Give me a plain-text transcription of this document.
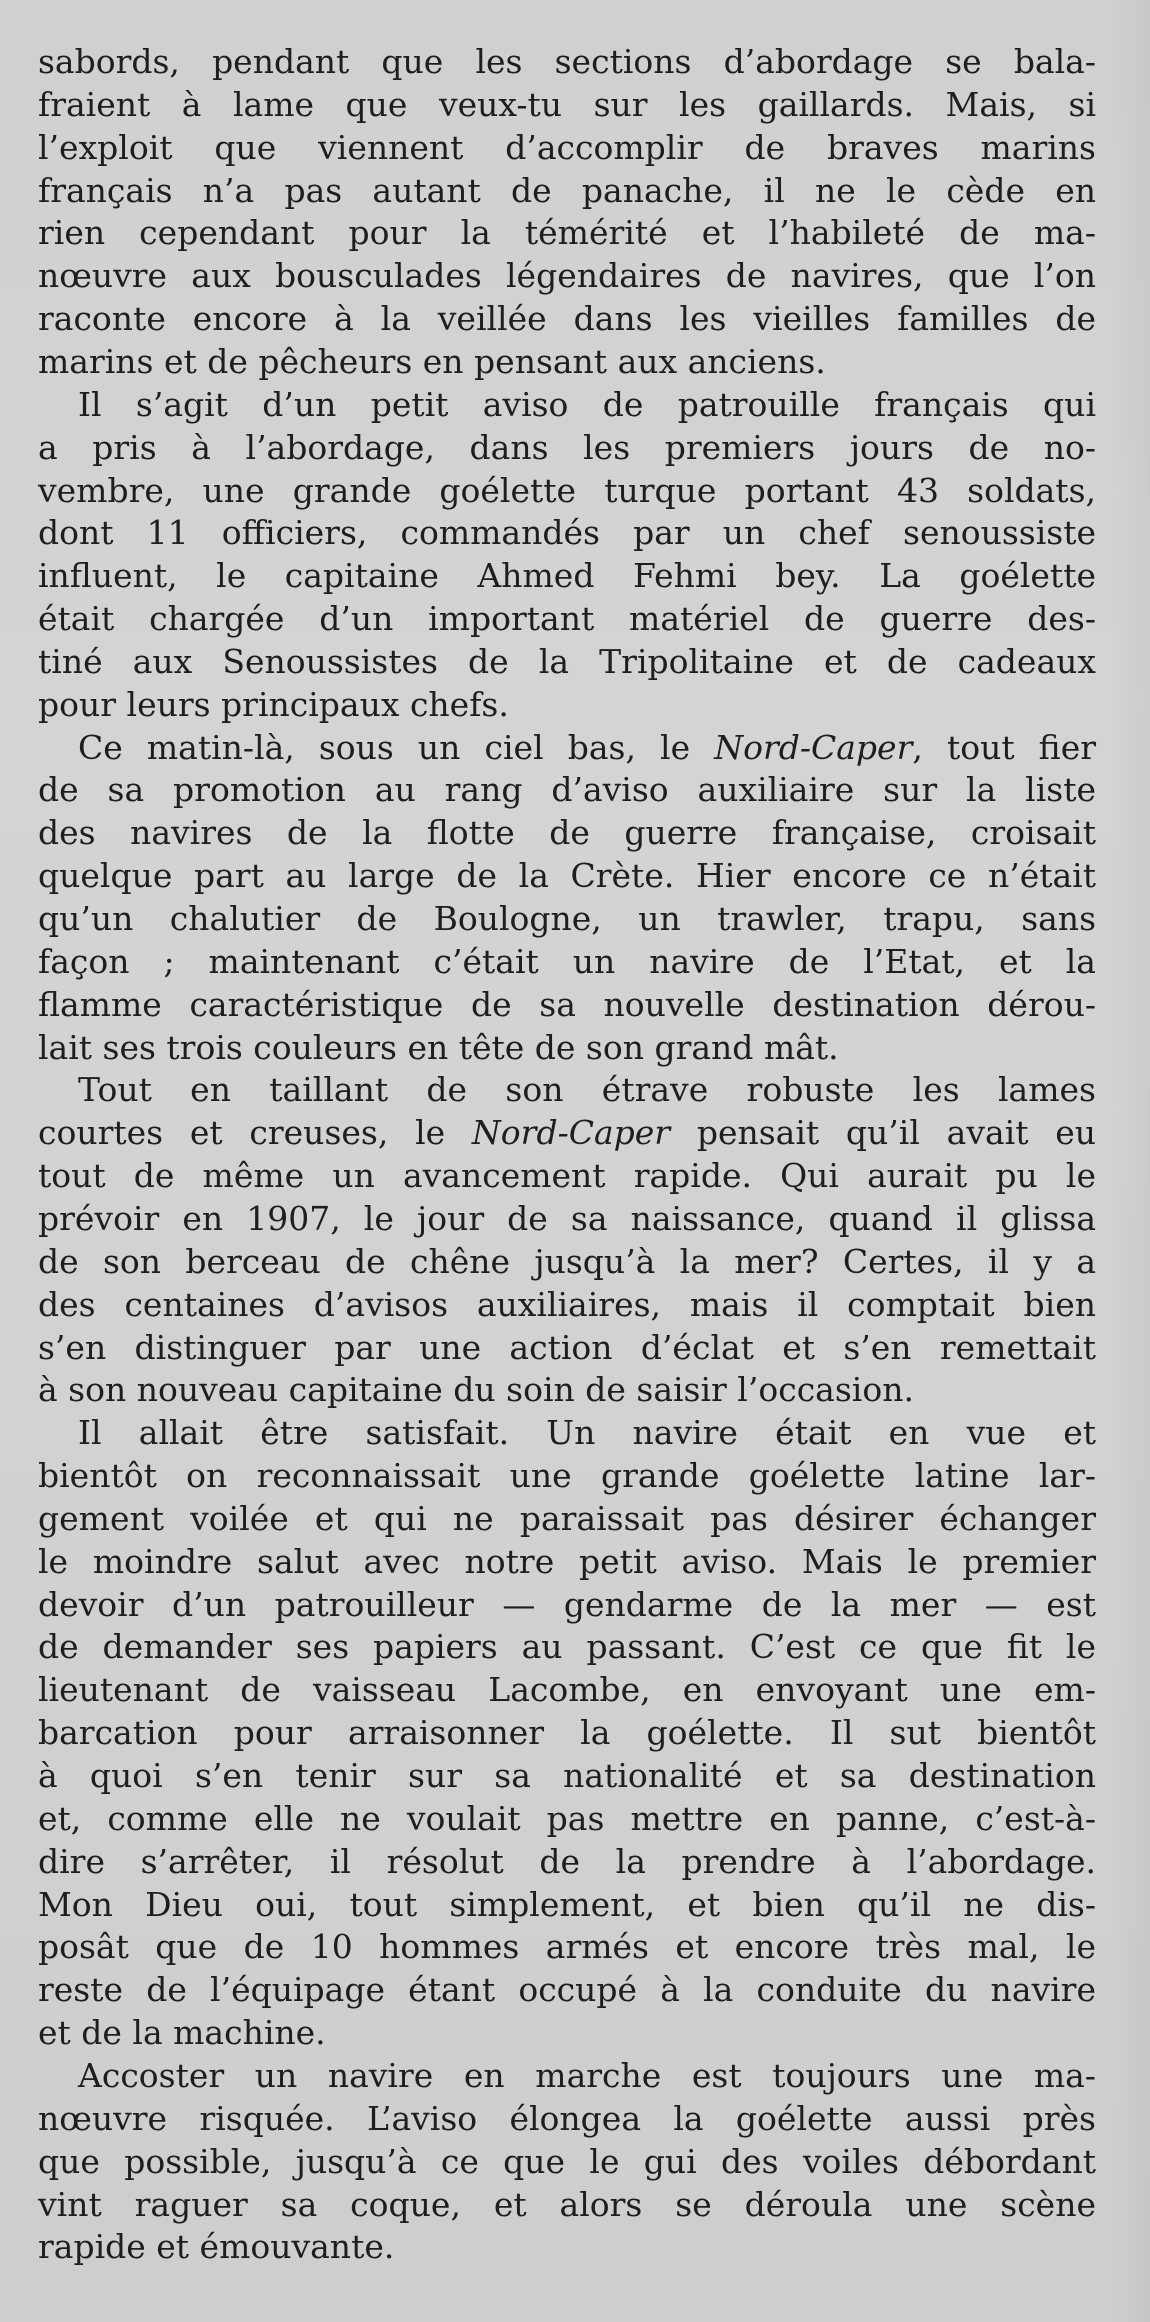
sabords, pendant que les sections d’abordage se bala-
fraient à lame que veux-tu sur les gaillards. Mais, si
l’exploit que viennent d’accomplir de braves marins
français n’a pas autant de panache, il ne le cède en
rien cependant pour la témérité et l’habileté de ma-
nœuvre aux bousculades légendaires de navires, que l’on
raconte encore à la veillée dans les vieilles familles de
marins et de pêcheurs en pensant aux anciens.
Il s’agit d’un petit aviso de patrouille français qui
a pris à l’abordage, dans les premiers jours de no-
vembre, une grande goélette turque portant 43 soldats,
dont 11 officiers, commandés par un chef senoussiste
influent, le capitaine Ahmed Fehmi bey. La goélette
était chargée d’un important matériel de guerre des-
tiné aux Senoussistes de la Tripolitaine et de cadeaux
pour leurs principaux chefs.
Ce matin-là, sous un ciel bas, le Nord-Caper, tout fier
de sa promotion au rang d’aviso auxiliaire sur la liste
des navires de la flotte de guerre française, croisait
quelque part au large de la Crète. Hier encore ce n’était
qu’un chalutier de Boulogne, un trawler, trapu, sans
façon ; maintenant c’était un navire de l’Etat, et la
flamme caractéristique de sa nouvelle destination dérou-
lait ses trois couleurs en tête de son grand mât.
Tout en taillant de son étrave robuste les lames
courtes et creuses, le Nord-Caper pensait qu’il avait eu
tout de même un avancement rapide. Qui aurait pu le
prévoir en 1907, le jour de sa naissance, quand il glissa
de son berceau de chêne jusqu’à la mer? Certes, il y a
des centaines d’avisos auxiliaires, mais il comptait bien
s’en distinguer par une action d’éclat et s’en remettait
à son nouveau capitaine du soin de saisir l’occasion.
Il allait être satisfait. Un navire était en vue et
bientôt on reconnaissait une grande goélette latine lar-
gement voilée et qui ne paraissait pas désirer échanger
le moindre salut avec notre petit aviso. Mais le premier
devoir d’un patrouilleur — gendarme de la mer — est
de demander ses papiers au passant. C’est ce que fit le
lieutenant de vaisseau Lacombe, en envoyant une em-
barcation pour arraisonner la goélette. Il sut bientôt
à quoi s’en tenir sur sa nationalité et sa destination
et, comme elle ne voulait pas mettre en panne, c’est-à-
dire s’arrêter, il résolut de la prendre à l’abordage.
Mon Dieu oui, tout simplement, et bien qu’il ne dis-
posât que de 10 hommes armés et encore très mal, le
reste de l’équipage étant occupé à la conduite du navire
et de la machine.
Accoster un navire en marche est toujours une ma-
nœuvre risquée. L’aviso élongea la goélette aussi près
que possible, jusqu’à ce que le gui des voiles débordant
vint raguer sa coque, et alors se déroula une scène
rapide et émouvante.
